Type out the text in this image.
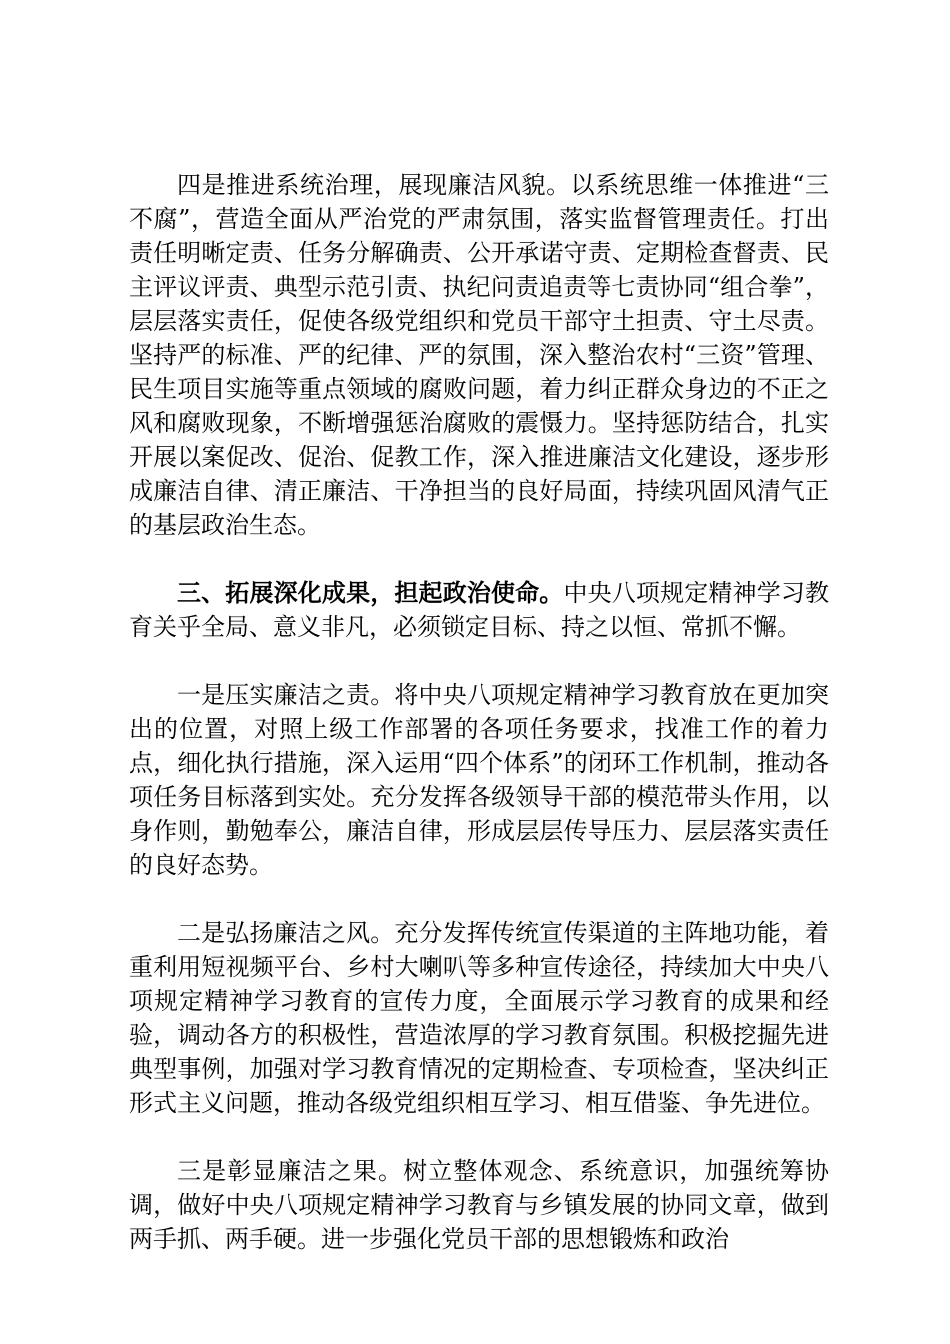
四是推进系统治理，展现廉洁风貌。以系统思维一体推进“三不腐”，营造全面从严治党的严肃氛围，落实监督管理责任。打出责任明晰定责、任务分解确责、公开承诺守责、定期检查督责、民主评议评责、典型示范引责、执纪问责追责等七责协同“组合拳”，层层落实责任，促使各级党组织和党员干部守土担责、守土尽责。坚持严的标准、严的纪律、严的氛围，深入整治农村“三资”管理、民生项目实施等重点领域的腐败问题，着力纠正群众身边的不正之风和腐败现象，不断增强惩治腐败的震慑力。坚持惩防结合，扎实开展以案促改、促治、促教工作，深入推进廉洁文化建设，逐步形成廉洁自律、清正廉洁、干净担当的良好局面，持续巩固风清气正的基层政治生态。

三、拓展深化成果，担起政治使命。中央八项规定精神学习教育关乎全局、意义非凡，必须锁定目标、持之以恒、常抓不懈。

一是压实廉洁之责。将中央八项规定精神学习教育放在更加突出的位置，对照上级工作部署的各项任务要求，找准工作的着力点，细化执行措施，深入运用“四个体系”的闭环工作机制，推动各项任务目标落到实处。充分发挥各级领导干部的模范带头作用，以身作则，勤勉奉公，廉洁自律，形成层层传导压力、层层落实责任的良好态势。

二是弘扬廉洁之风。充分发挥传统宣传渠道的主阵地功能，着重利用短视频平台、乡村大喇叭等多种宣传途径，持续加大中央八项规定精神学习教育的宣传力度，全面展示学习教育的成果和经验，调动各方的积极性，营造浓厚的学习教育氛围。积极挖掘先进典型事例，加强对学习教育情况的定期检查、专项检查，坚决纠正形式主义问题，推动各级党组织相互学习、相互借鉴、争先进位。

三是彰显廉洁之果。树立整体观念、系统意识，加强统筹协调，做好中央八项规定精神学习教育与乡镇发展的协同文章，做到两手抓、两手硬。进一步强化党员干部的思想锻炼和政治
